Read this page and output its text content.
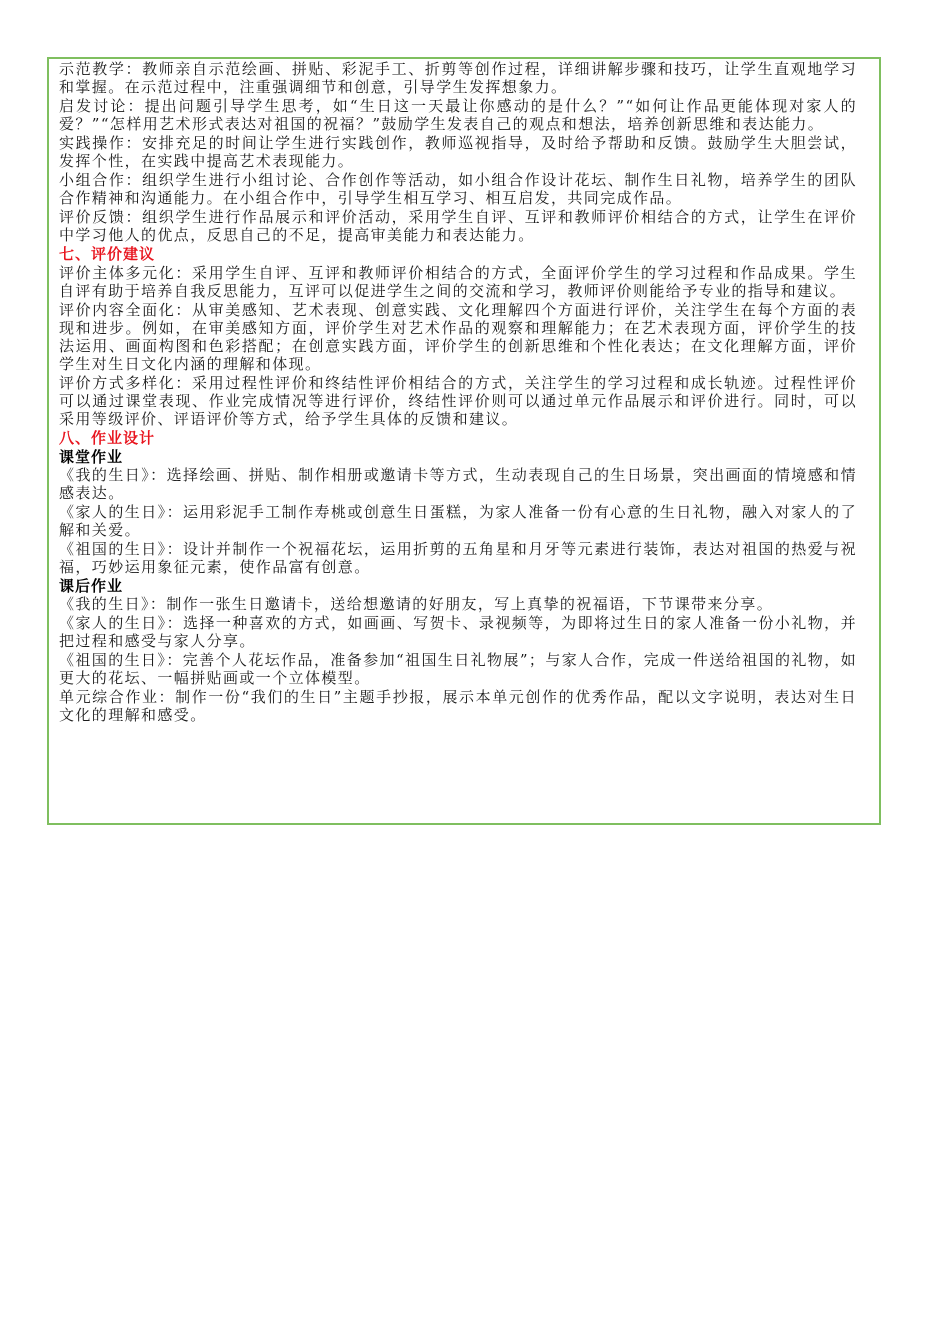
示范教学：教师亲自示范绘画、拼贴、彩泥手工、折剪等创作过程，详细讲解步骤和技巧，让学生直观地学习和掌握。在示范过程中，注重强调细节和创意，引导学生发挥想象力。

启发讨论：提出问题引导学生思考，如“生日这一天最让你感动的是什么？”“如何让作品更能体现对家人的爱？”“怎样用艺术形式表达对祖国的祝福？”鼓励学生发表自己的观点和想法，培养创新思维和表达能力。

实践操作：安排充足的时间让学生进行实践创作，教师巡视指导，及时给予帮助和反馈。鼓励学生大胆尝试，发挥个性，在实践中提高艺术表现能力。

小组合作：组织学生进行小组讨论、合作创作等活动，如小组合作设计花坛、制作生日礼物，培养学生的团队合作精神和沟通能力。在小组合作中，引导学生相互学习、相互启发，共同完成作品。

评价反馈：组织学生进行作品展示和评价活动，采用学生自评、互评和教师评价相结合的方式，让学生在评价中学习他人的优点，反思自己的不足，提高审美能力和表达能力。

七、评价建议

评价主体多元化：采用学生自评、互评和教师评价相结合的方式，全面评价学生的学习过程和作品成果。学生自评有助于培养自我反思能力，互评可以促进学生之间的交流和学习，教师评价则能给予专业的指导和建议。

评价内容全面化：从审美感知、艺术表现、创意实践、文化理解四个方面进行评价，关注学生在每个方面的表现和进步。例如，在审美感知方面，评价学生对艺术作品的观察和理解能力；在艺术表现方面，评价学生的技法运用、画面构图和色彩搭配；在创意实践方面，评价学生的创新思维和个性化表达；在文化理解方面，评价学生对生日文化内涵的理解和体现。

评价方式多样化：采用过程性评价和终结性评价相结合的方式，关注学生的学习过程和成长轨迹。过程性评价可以通过课堂表现、作业完成情况等进行评价，终结性评价则可以通过单元作品展示和评价进行。同时，可以采用等级评价、评语评价等方式，给予学生具体的反馈和建议。

八、作业设计
课堂作业

《我的生日》：选择绘画、拼贴、制作相册或邀请卡等方式，生动表现自己的生日场景，突出画面的情境感和情感表达。

《家人的生日》：运用彩泥手工制作寿桃或创意生日蛋糕，为家人准备一份有心意的生日礼物，融入对家人的了解和关爱。

《祖国的生日》：设计并制作一个祝福花坛，运用折剪的五角星和月牙等元素进行装饰，表达对祖国的热爱与祝福，巧妙运用象征元素，使作品富有创意。

课后作业

《我的生日》：制作一张生日邀请卡，送给想邀请的好朋友，写上真挚的祝福语，下节课带来分享。

《家人的生日》：选择一种喜欢的方式，如画画、写贺卡、录视频等，为即将过生日的家人准备一份小礼物，并把过程和感受与家人分享。

《祖国的生日》：完善个人花坛作品，准备参加“祖国生日礼物展”；与家人合作，完成一件送给祖国的礼物，如更大的花坛、一幅拼贴画或一个立体模型。

单元综合作业：制作一份“我们的生日”主题手抄报，展示本单元创作的优秀作品，配以文字说明，表达对生日文化的理解和感受。
